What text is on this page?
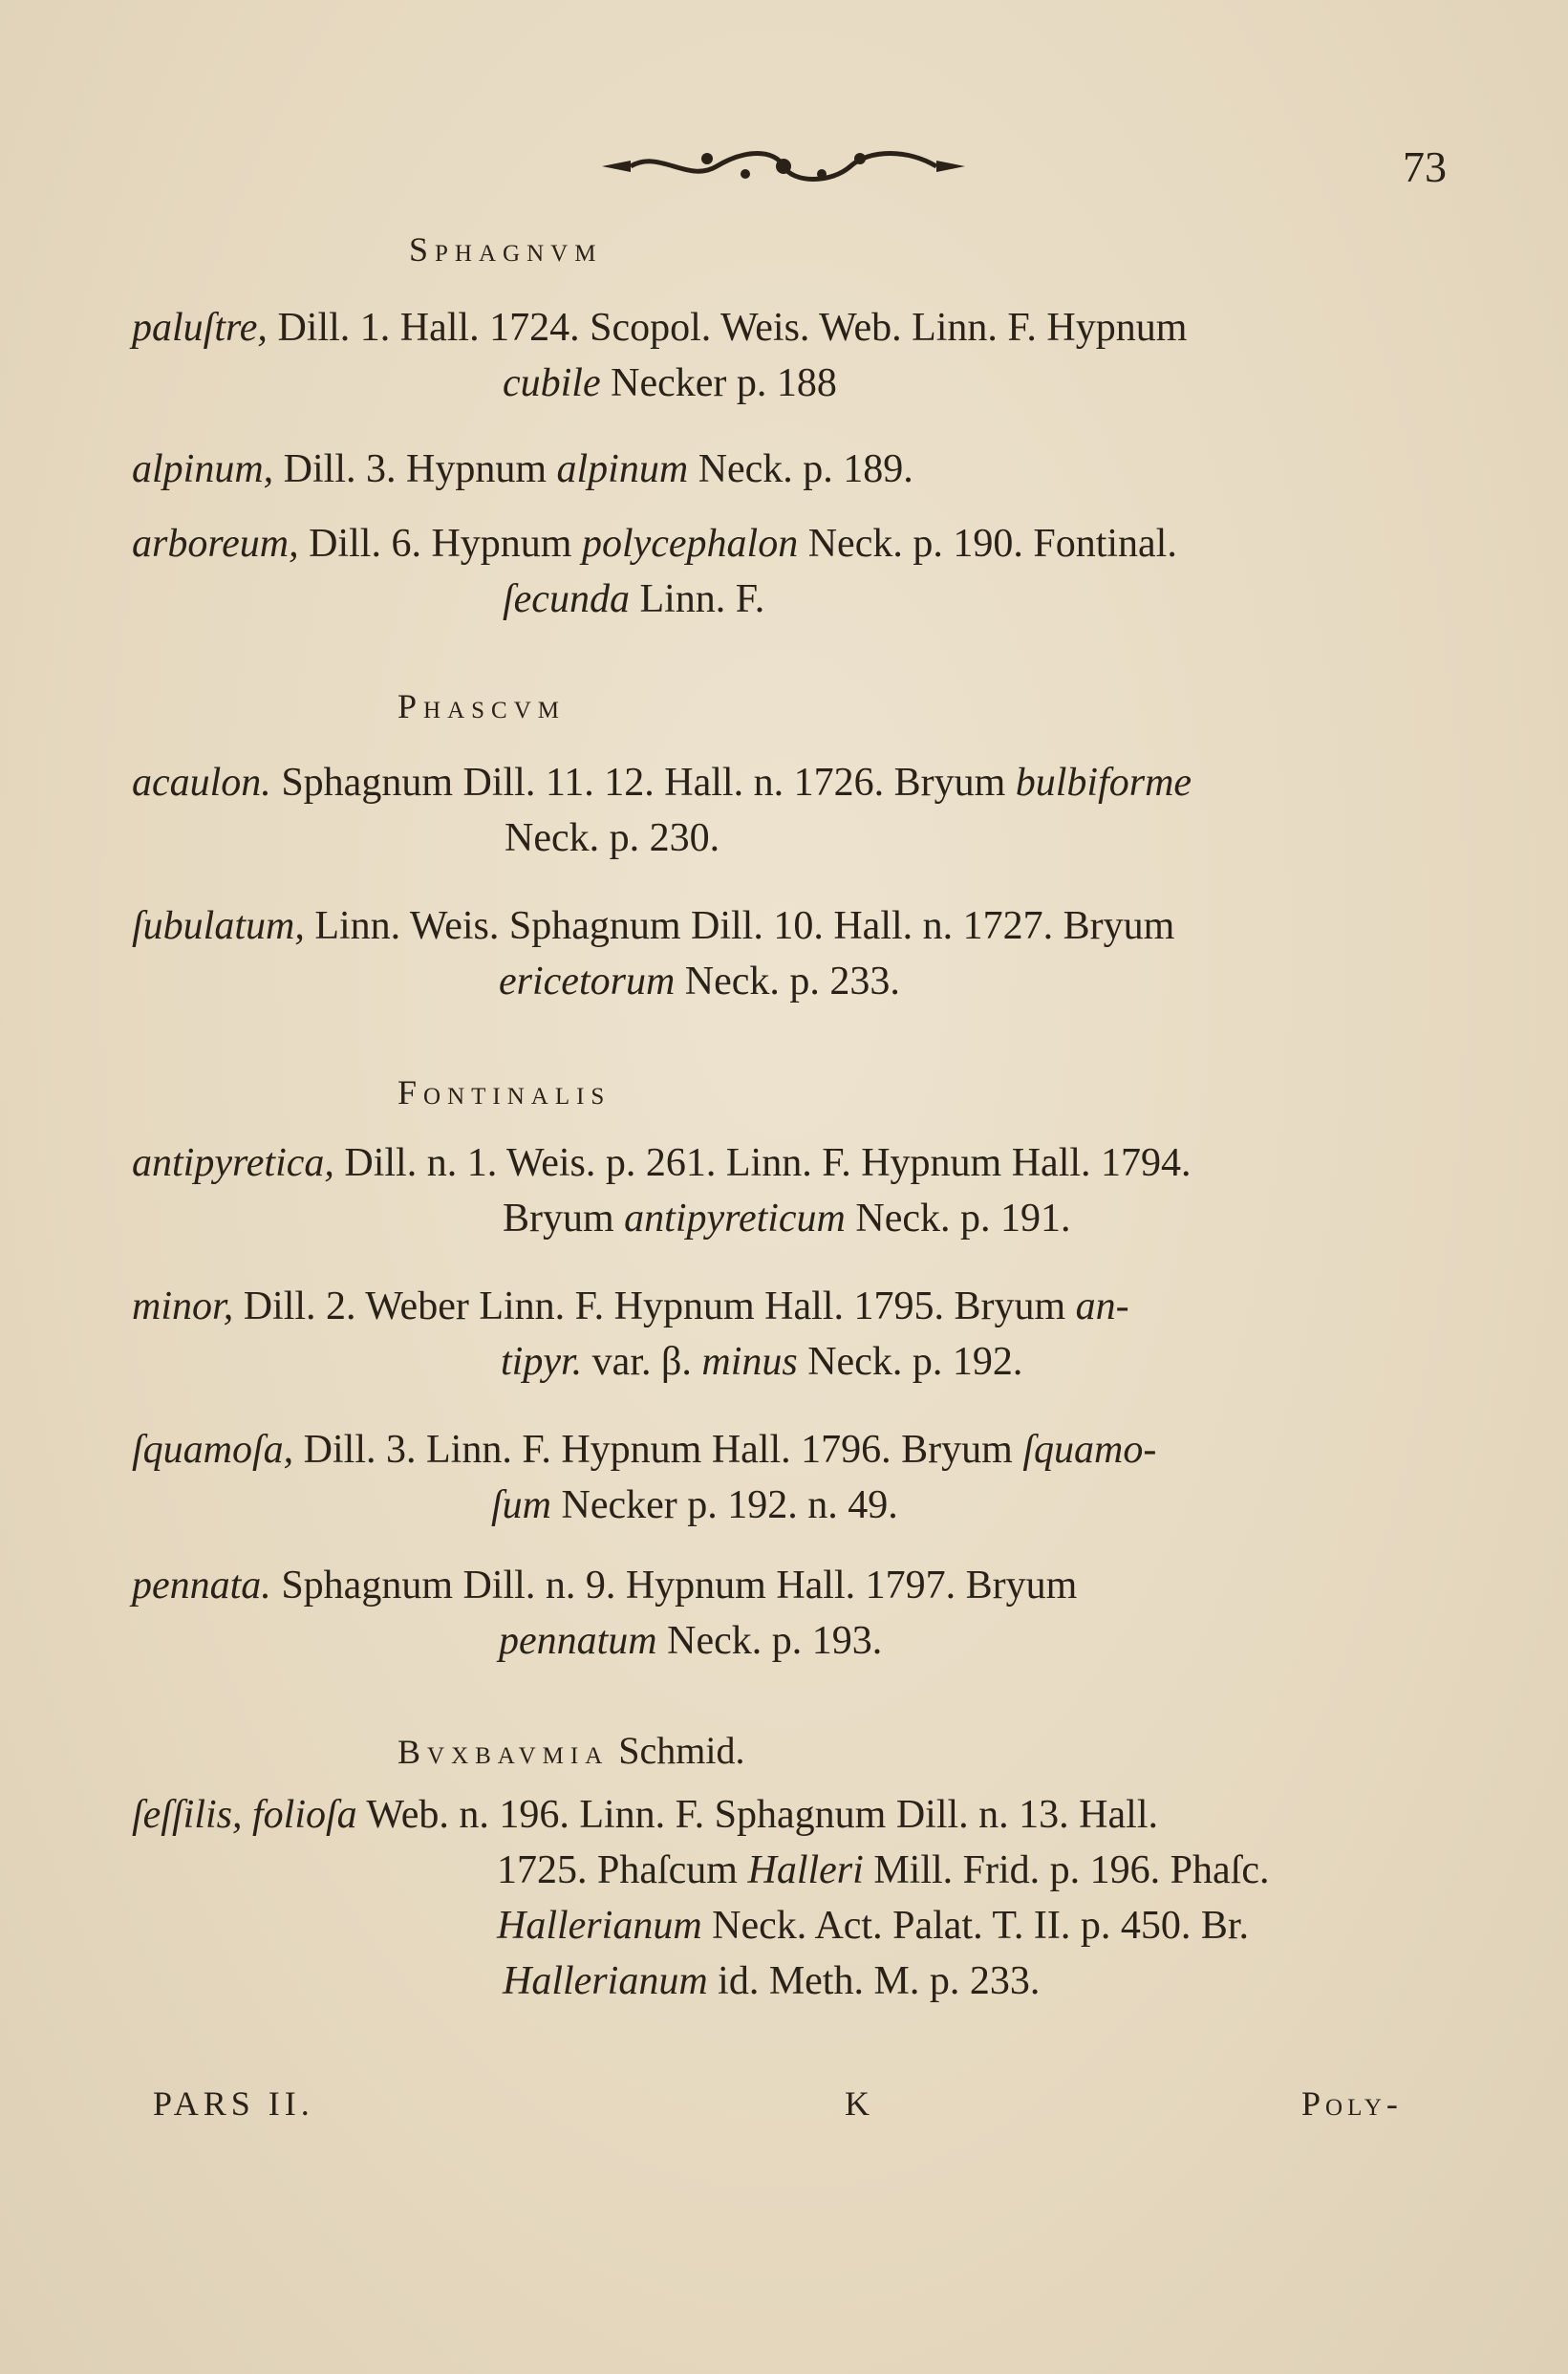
73
Sphagnvm
paluſtre, Dill. 1. Hall. 1724. Scopol. Weis. Web. Linn. F. Hypnum
cubile Necker p. 188
alpinum, Dill. 3. Hypnum alpinum Neck. p. 189.
arboreum, Dill. 6. Hypnum polycephalon Neck. p. 190. Fontinal.
ſecunda Linn. F.
Phascvm
acaulon. Sphagnum Dill. 11. 12. Hall. n. 1726. Bryum bulbiforme
Neck. p. 230.
ſubulatum, Linn. Weis. Sphagnum Dill. 10. Hall. n. 1727. Bryum
ericetorum Neck. p. 233.
Fontinalis
antipyretica, Dill. n. 1. Weis. p. 261. Linn. F. Hypnum Hall. 1794.
Bryum antipyreticum Neck. p. 191.
minor, Dill. 2. Weber Linn. F. Hypnum Hall. 1795. Bryum an-
tipyr. var. β. minus Neck. p. 192.
ſquamoſa, Dill. 3. Linn. F. Hypnum Hall. 1796. Bryum ſquamo-
ſum Necker p. 192. n. 49.
pennata. Sphagnum Dill. n. 9. Hypnum Hall. 1797. Bryum
pennatum Neck. p. 193.
Bvxbavmia Schmid.
ſeſſilis, folioſa Web. n. 196. Linn. F. Sphagnum Dill. n. 13. Hall.
1725. Phaſcum Halleri Mill. Frid. p. 196. Phaſc.
Hallerianum Neck. Act. Palat. T. II. p. 450. Br.
Hallerianum id. Meth. M. p. 233.
PARS II.	K	Poly-
